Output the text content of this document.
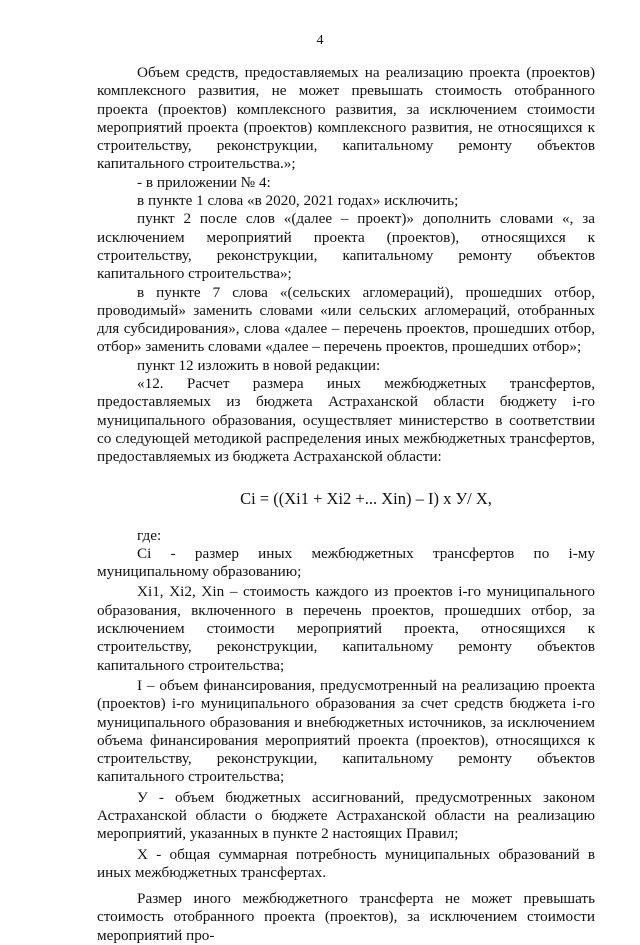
4

Объем средств, предоставляемых на реализацию проекта (проектов) комплексного развития, не может превышать стоимость отобранного проекта (проектов) комплексного развития, за исключением стоимости мероприятий проекта (проектов) комплексного развития, не относящихся к строительству, реконструкции, капитальному ремонту объектов капитального строительства.»;

- в приложении № 4:

в пункте 1 слова «в 2020, 2021 годах» исключить;

пункт 2 после слов «(далее – проект)» дополнить словами «, за исключением мероприятий проекта (проектов), относящихся к строительству, реконструкции, капитальному ремонту объектов капитального строительства»;

в пункте 7 слова «(сельских агломераций), прошедших отбор, проводимый» заменить словами «или сельских агломераций, отобранных для субсидирования», слова «далее – перечень проектов, прошедших отбор, отбор» заменить словами «далее – перечень проектов, прошедших отбор»;

пункт 12 изложить в новой редакции:

«12. Расчет размера иных межбюджетных трансфертов, предоставляемых из бюджета Астраханской области бюджету i-го муниципального образования, осуществляет министерство в соответствии со следующей методикой распределения иных межбюджетных трансфертов, предоставляемых из бюджета Астраханской области:

Ci = ((Xi1 + Xi2 +... Xin) – I) x У/ X,

где:

Ci - размер иных межбюджетных трансфертов по i-му муниципальному образованию;

Xi1, Xi2, Xin – стоимость каждого из проектов i-го муниципального образования, включенного в перечень проектов, прошедших отбор, за исключением стоимости мероприятий проекта, относящихся к строительству, реконструкции, капитальному ремонту объектов капитального строительства;

I – объем финансирования, предусмотренный на реализацию проекта (проектов) i-го муниципального образования за счет средств бюджета i-го муниципального образования и внебюджетных источников, за исключением объема финансирования мероприятий проекта (проектов), относящихся к строительству, реконструкции, капитальному ремонту объектов капитального строительства;

У - объем бюджетных ассигнований, предусмотренных законом Астраханской области о бюджете Астраханской области на реализацию мероприятий, указанных в пункте 2 настоящих Правил;

Х - общая суммарная потребность муниципальных образований в иных межбюджетных трансфертах.

Размер иного межбюджетного трансферта не может превышать стоимость отобранного проекта (проектов), за исключением стоимости мероприятий про-
